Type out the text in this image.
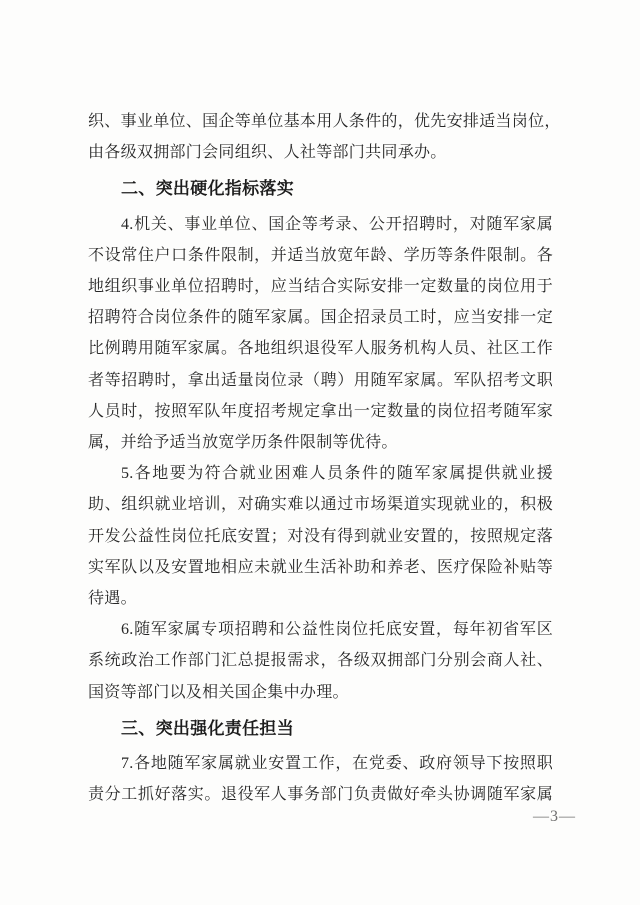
织、事业单位、国企等单位基本用人条件的，优先安排适当岗位，
由各级双拥部门会同组织、人社等部门共同承办。
二、突出硬化指标落实
4.机关、事业单位、国企等考录、公开招聘时，对随军家属
不设常住户口条件限制，并适当放宽年龄、学历等条件限制。各
地组织事业单位招聘时，应当结合实际安排一定数量的岗位用于
招聘符合岗位条件的随军家属。国企招录员工时，应当安排一定
比例聘用随军家属。各地组织退役军人服务机构人员、社区工作
者等招聘时，拿出适量岗位录（聘）用随军家属。军队招考文职
人员时，按照军队年度招考规定拿出一定数量的岗位招考随军家
属，并给予适当放宽学历条件限制等优待。
5.各地要为符合就业困难人员条件的随军家属提供就业援
助、组织就业培训，对确实难以通过市场渠道实现就业的，积极
开发公益性岗位托底安置；对没有得到就业安置的，按照规定落
实军队以及安置地相应未就业生活补助和养老、医疗保险补贴等
待遇。
6.随军家属专项招聘和公益性岗位托底安置，每年初省军区
系统政治工作部门汇总提报需求，各级双拥部门分别会商人社、
国资等部门以及相关国企集中办理。
三、突出强化责任担当
7.各地随军家属就业安置工作，在党委、政府领导下按照职
责分工抓好落实。退役军人事务部门负责做好牵头协调随军家属
—3—
